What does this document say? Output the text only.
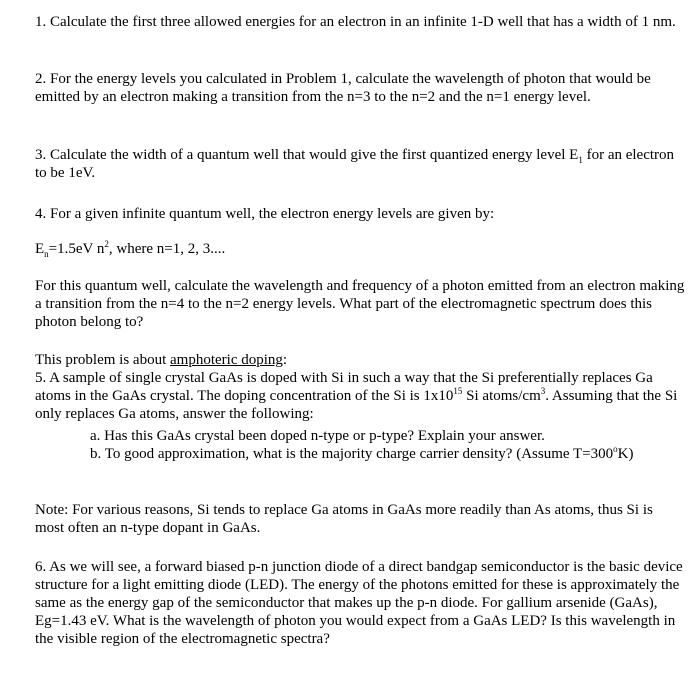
1. Calculate the first three allowed energies for an electron in an infinite 1-D well that has a width of 1 nm.

2. For the energy levels you calculated in Problem 1, calculate the wavelength of photon that would be emitted by an electron making a transition from the n=3 to the n=2 and the n=1 energy level.

3. Calculate the width of a quantum well that would give the first quantized energy level $E_1$ for an electron to be 1eV.

4. For a given infinite quantum well, the electron energy levels are given by:

$E_n=1.5eV$ $n^2$, where n=1, 2, 3....

For this quantum well, calculate the wavelength and frequency of a photon emitted from an electron making a transition from the n=4 to the n=2 energy levels. What part of the electromagnetic spectrum does this photon belong to?

This problem is about amphoteric doping:

5. A sample of single crystal GaAs is doped with Si in such a way that the Si preferentially replaces Ga atoms in the GaAs crystal. The doping concentration of the Si is $1x10^{15}$ Si atoms/$cm^3$. Assuming that the Si only replaces Ga atoms, answer the following:

a. Has this GaAs crystal been doped n-type or p-type? Explain your answer.

b. To good approximation, what is the majority charge carrier density? (Assume $T=300^oK$)

Note: For various reasons, Si tends to replace Ga atoms in GaAs more readily than As atoms, thus Si is most often an n-type dopant in GaAs.

6. As we will see, a forward biased p-n junction diode of a direct bandgap semiconductor is the basic device structure for a light emitting diode (LED). The energy of the photons emitted for these is approximately the same as the energy gap of the semiconductor that makes up the p-n diode. For gallium arsenide (GaAs), Eg=1.43 eV. What is the wavelength of photon you would expect from a GaAs LED? Is this wavelength in the visible region of the electromagnetic spectra?
